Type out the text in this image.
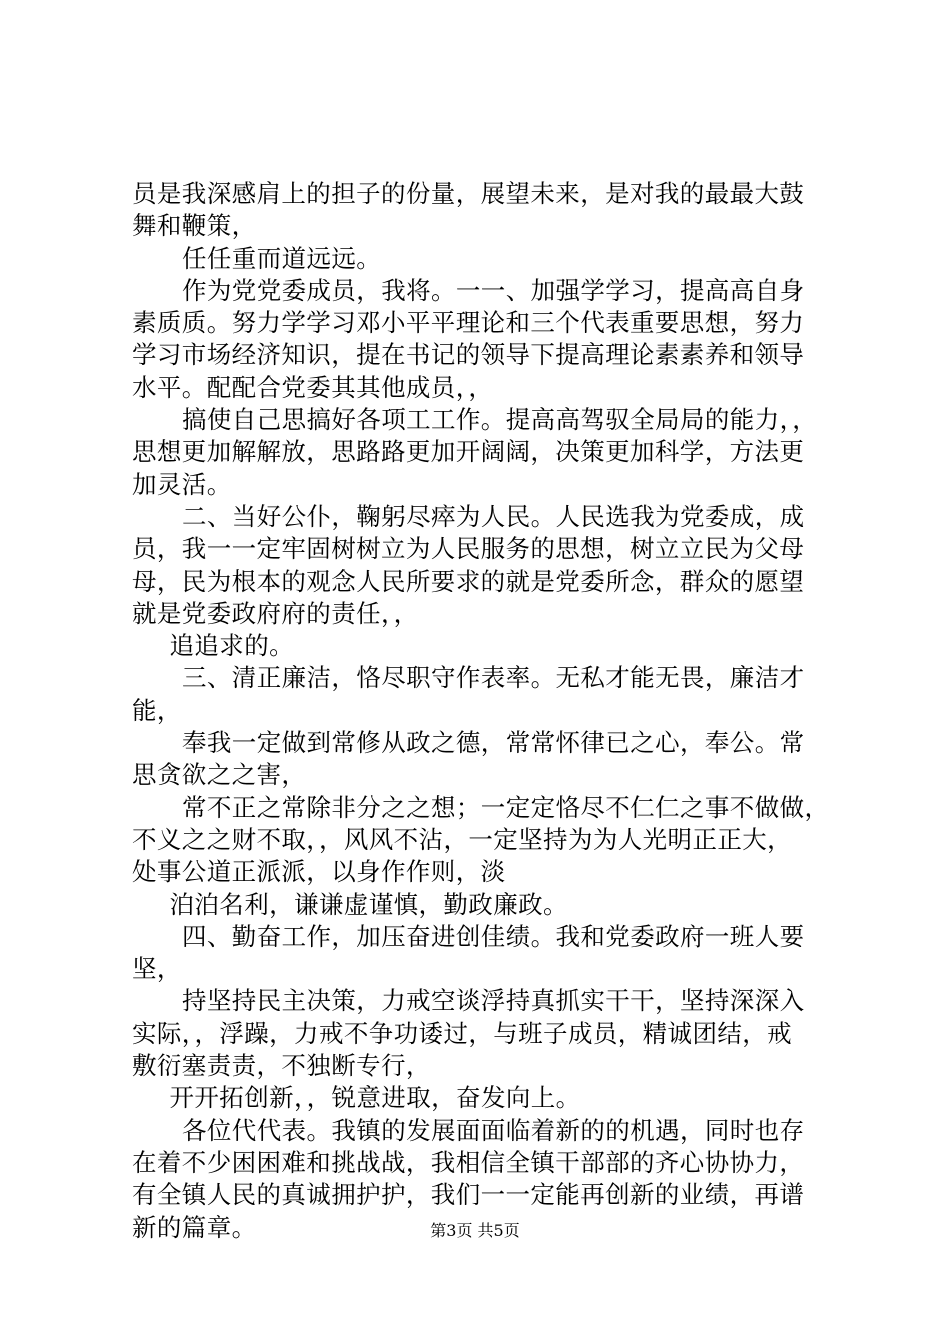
员是我深感肩上的担子的份量，展望未来，是对我的最最大鼓
舞和鞭策，
任任重而道远远。
作为党党委成员，我将。一一、加强学学习，提高高自身
素质质。努力学学习邓小平平理论和三个代表重要思想，努力
学习市场经济知识，提在书记的领导下提高理论素素养和领导
水平。配配合党委其其他成员，，
搞使自己思搞好各项工工作。提高高驾驭全局局的能力，，
思想更加解解放，思路路更加开阔阔，决策更加科学，方法更
加灵活。
二、当好公仆，鞠躬尽瘁为人民。人民选我为党委成，成
员，我一一定牢固树树立为人民服务的思想，树立立民为父母
母，民为根本的观念人民所要求的就是党委所念，群众的愿望
就是党委政府府的责任，，
追追求的。
三、清正廉洁，恪尽职守作表率。无私才能无畏，廉洁才
能，
奉我一定做到常修从政之德，常常怀律已之心，奉公。常
思贪欲之之害，
常不正之常除非分之之想；一定定恪尽不仁仁之事不做做，
不义之之财不取，，风风不沾，一定坚持为为人光明正正大，
处事公道正派派，以身作作则，淡
泊泊名利，谦谦虚谨慎，勤政廉政。
四、勤奋工作，加压奋进创佳绩。我和党委政府一班人要
坚，
持坚持民主决策，力戒空谈浮持真抓实干干，坚持深深入
实际，，浮躁，力戒不争功诿过，与班子成员，精诚团结，戒
敷衍塞责责，不独断专行，
开开拓创新，，锐意进取，奋发向上。
各位代代表。我镇的发展面面临着新的的机遇，同时也存
在着不少困困难和挑战战，我相信全镇干部部的齐心协协力，
有全镇人民的真诚拥护护，我们一一定能再创新的业绩，再谱
新的篇章。	第3页 共5页
